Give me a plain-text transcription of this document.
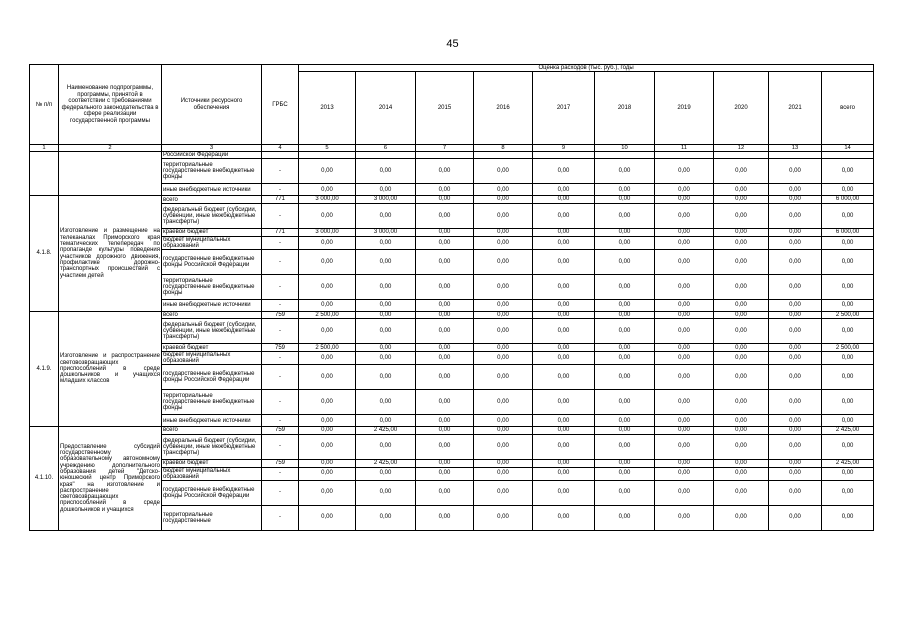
45
№ п/п	Наименование подпрограммы, программы, принятой в соответствии с требованиями федерального законодательства в сфере реализации государственной программы	Источники ресурсного обеспечения	ГРБС	Оценка расходов (тыс. руб.), годы									
				2013	2014	2015	2016	2017	2018	2019	2020	2021	всего
1	2	3	4	5	6	7	8	9	10	11	12	13	14
		Российской Федерации											
		территориальные государственные внебюджетные фонды	-	0,00	0,00	0,00	0,00	0,00	0,00	0,00	0,00	0,00	0,00
		иные внебюджетные источники	-	0,00	0,00	0,00	0,00	0,00	0,00	0,00	0,00	0,00	0,00
4.1.8.	Изготовление и размещение на телеканалах Приморского края тематических телепередач по пропаганде культуры поведения участников дорожного движения, профилактике дорожно-транспортных происшествий с участием детей	всего	771	3 000,00	3 000,00	0,00	0,00	0,00	0,00	0,00	0,00	0,00	6 000,00
		федеральный бюджет (субсидии, субвенции, иные межбюджетные трансферты)	-	0,00	0,00	0,00	0,00	0,00	0,00	0,00	0,00	0,00	0,00
		краевой бюджет	771	3 000,00	3 000,00	0,00	0,00	0,00	0,00	0,00	0,00	0,00	6 000,00
		бюджет муниципальных образований	-	0,00	0,00	0,00	0,00	0,00	0,00	0,00	0,00	0,00	0,00
		государственные внебюджетные фонды Российской Федерации	-	0,00	0,00	0,00	0,00	0,00	0,00	0,00	0,00	0,00	0,00
		территориальные государственные внебюджетные фонды	-	0,00	0,00	0,00	0,00	0,00	0,00	0,00	0,00	0,00	0,00
		иные внебюджетные источники	-	0,00	0,00	0,00	0,00	0,00	0,00	0,00	0,00	0,00	0,00
4.1.9.	Изготовление и распространение световозвращающих приспособлений в среде дошкольников и учащихся младших классов	всего	759	2 500,00	0,00	0,00	0,00	0,00	0,00	0,00	0,00	0,00	2 500,00
		федеральный бюджет (субсидии, субвенции, иные межбюджетные трансферты)	-	0,00	0,00	0,00	0,00	0,00	0,00	0,00	0,00	0,00	0,00
		краевой бюджет	759	2 500,00	0,00	0,00	0,00	0,00	0,00	0,00	0,00	0,00	2 500,00
		бюджет муниципальных образований	-	0,00	0,00	0,00	0,00	0,00	0,00	0,00	0,00	0,00	0,00
		государственные внебюджетные фонды Российской Федерации	-	0,00	0,00	0,00	0,00	0,00	0,00	0,00	0,00	0,00	0,00
		территориальные государственные внебюджетные фонды	-	0,00	0,00	0,00	0,00	0,00	0,00	0,00	0,00	0,00	0,00
		иные внебюджетные источники	-	0,00	0,00	0,00	0,00	0,00	0,00	0,00	0,00	0,00	0,00
4.1.10.	Предоставление субсидий государственному образовательному автономному учреждению дополнительного образования детей "Детско-юношеский центр Приморского края" на изготовление и распространение световозвращающих приспособлений в среде дошкольников и учащихся	всего	759	0,00	2 425,00	0,00	0,00	0,00	0,00	0,00	0,00	0,00	2 425,00
		федеральный бюджет (субсидии, субвенции, иные межбюджетные трансферты)	-	0,00	0,00	0,00	0,00	0,00	0,00	0,00	0,00	0,00	0,00
		краевой бюджет	759	0,00	2 425,00	0,00	0,00	0,00	0,00	0,00	0,00	0,00	2 425,00
		бюджет муниципальных образований	-	0,00	0,00	0,00	0,00	0,00	0,00	0,00	0,00	0,00	0,00
		государственные внебюджетные фонды Российской Федерации	-	0,00	0,00	0,00	0,00	0,00	0,00	0,00	0,00	0,00	0,00
		территориальные государственные	-	0,00	0,00	0,00	0,00	0,00	0,00	0,00	0,00	0,00	0,00
